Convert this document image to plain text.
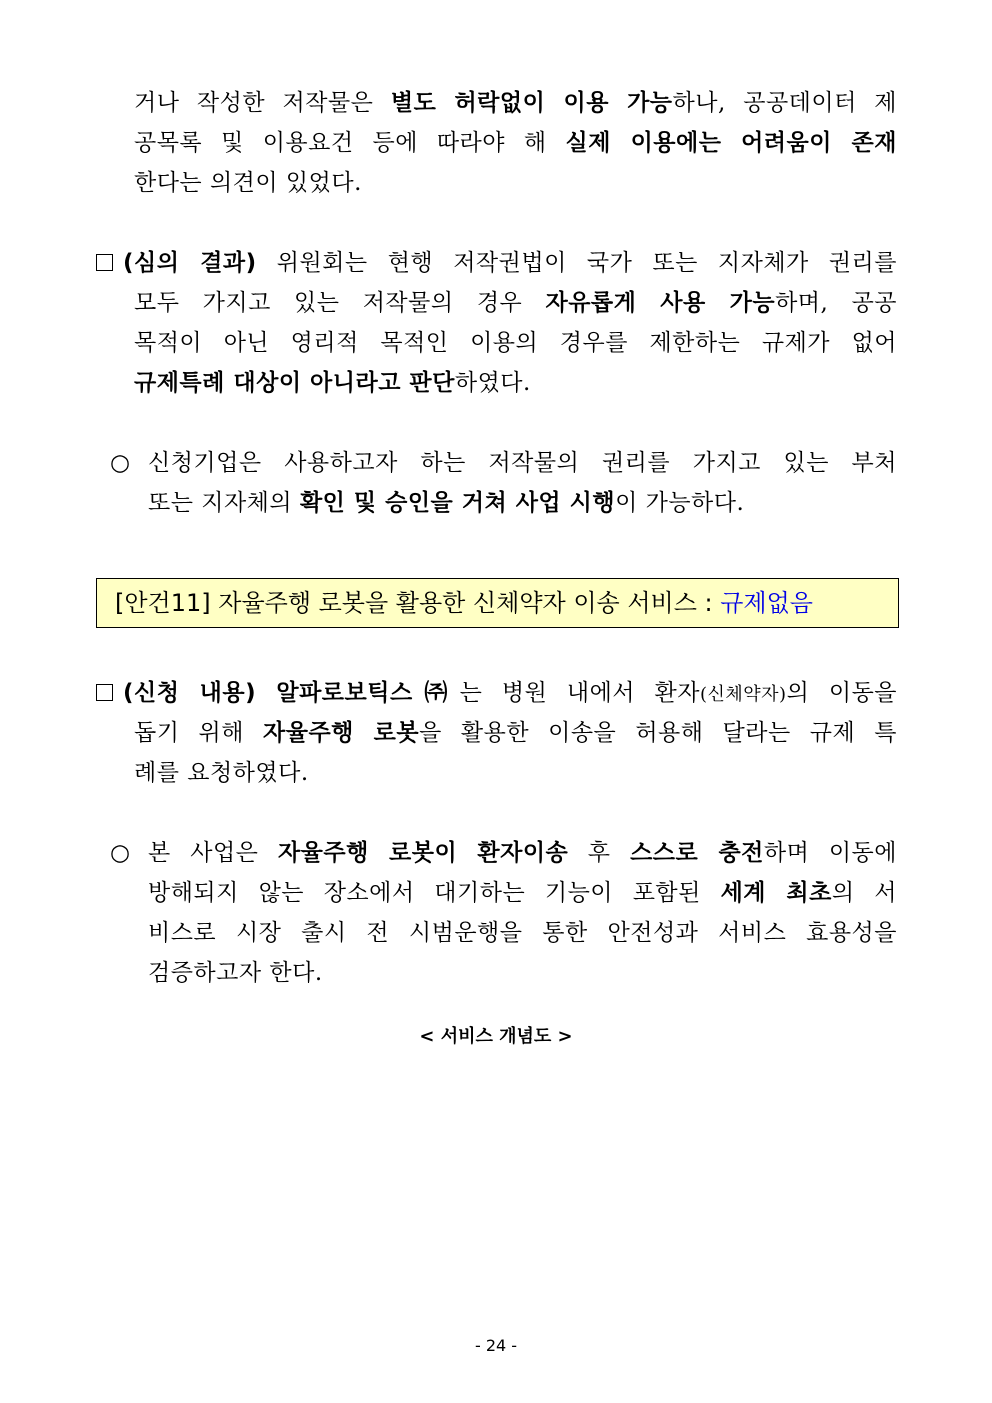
거나 작성한 저작물은 별도 허락없이 이용 가능하나, 공공데이터 제
공목록 및 이용요건 등에 따라야 해 실제 이용에는 어려움이 존재
한다는 의견이 있었다.
(심의 결과) 위원회는 현행 저작권법이 국가 또는 지자체가 권리를
모두 가지고 있는 저작물의 경우 자유롭게 사용 가능하며, 공공
목적이 아닌 영리적 목적인 이용의 경우를 제한하는 규제가 없어
규제특례 대상이 아니라고 판단하였다.
○ 신청기업은 사용하고자 하는 저작물의 권리를 가지고 있는 부처
또는 지자체의 확인 및 승인을 거쳐 사업 시행이 가능하다.
[안건11] 자율주행 로봇을 활용한 신체약자 이송 서비스 : 규제없음
(신청 내용) 알파로보틱스㈜는 병원 내에서 환자(신체약자)의 이동을
돕기 위해 자율주행 로봇을 활용한 이송을 허용해 달라는 규제 특
례를 요청하였다.
○ 본 사업은 자율주행 로봇이 환자이송 후 스스로 충전하며 이동에
방해되지 않는 장소에서 대기하는 기능이 포함된 세계 최초의 서
비스로 시장 출시 전 시범운행을 통한 안전성과 서비스 효용성을
검증하고자 한다.
< 서비스 개념도 >
- 24 -
